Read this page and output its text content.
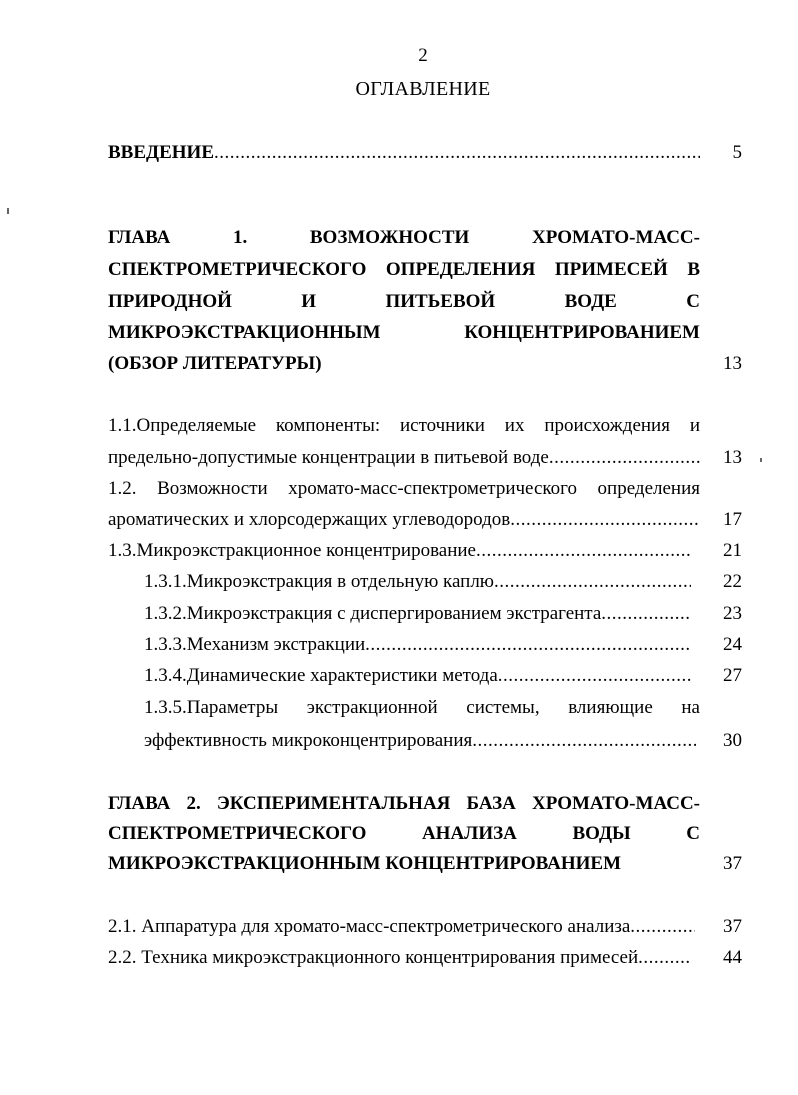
2
ОГЛАВЛЕНИЕ
ВВЕДЕНИЕ .....	5
ГЛАВА 1. ВОЗМОЖНОСТИ ХРОМАТО-МАСС-
СПЕКТРОМЕТРИЧЕСКОГО ОПРЕДЕЛЕНИЯ ПРИМЕСЕЙ В
ПРИРОДНОЙ И ПИТЬЕВОЙ ВОДЕ С
МИКРОЭКСТРАКЦИОННЫМ КОНЦЕНТРИРОВАНИЕМ
(ОБЗОР ЛИТЕРАТУРЫ)	13
1.1.Определяемые компоненты: источники их происхождения и
предельно-допустимые концентрации в питьевой воде .....	13
1.2. Возможности хромато-масс-спектрометрического определения
ароматических и хлорсодержащих углеводородов .....	17
1.3.Микроэкстракционное концентрирование .....	21
1.3.1.Микроэкстракция в отдельную каплю .....	22
1.3.2.Микроэкстракция с диспергированием экстрагента .....	23
1.3.3.Механизм экстракции .....	24
1.3.4.Динамические характеристики метода .....	27
1.3.5.Параметры экстракционной системы, влияющие на
эффективность микроконцентрирования .....	30
ГЛАВА 2. ЭКСПЕРИМЕНТАЛЬНАЯ БАЗА ХРОМАТО-МАСС-
СПЕКТРОМЕТРИЧЕСКОГО АНАЛИЗА ВОДЫ С
МИКРОЭКСТРАКЦИОННЫМ КОНЦЕНТРИРОВАНИЕМ	37
2.1. Аппаратура для хромато-масс-спектрометрического анализа .....	37
2.2. Техника микроэкстракционного концентрирования примесей .....	44
